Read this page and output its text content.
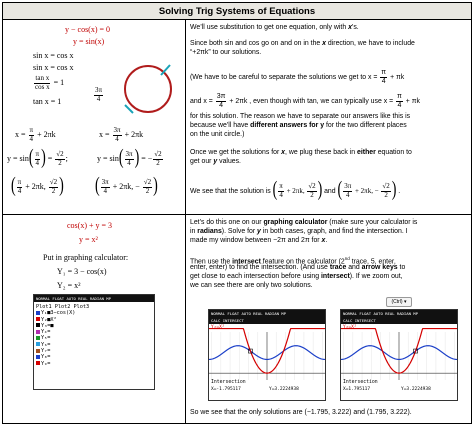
Solving Trig Systems of Equations
y − cos(x) = 0
y = sin(x)
sin x = cos x
sin x = cos x
$\frac{\text{tan x}}{\text{cos x}} = 1$
tan x = 1	$\frac{3\pi}{4}$
$x = \frac{\pi}{4} + 2\pi k$	$x = \frac{3\pi}{4} + 2\pi k$
$y = \sin( \frac{\pi}{4}$ ) = $\frac{√2}{2}$ ;	$y = \sin( \frac{3\pi}{4}$ ) = − $\frac{√2}{2}$
( $\frac{\pi}{4} + 2\pi k$, $\frac{√2}{2}$ ) ( $\frac{3\pi}{4} + 2\pi k$, − $\frac{√2}{2}$ )
We’ll use substitution to get one equation, only with x’s.
Since both sin and cos go on and on in the x direction, we have to include
“+2πk” to our solutions.
(We have to be careful to separate the solutions we get to $x = \frac{\pi}{4} + \pi k$
and $x = \frac{3\pi}{4} + 2\pi k$ , even though with tan, we can typically use $x = \frac{\pi}{4} + \pi k$
for this solution. The reason we have to separate our answers like this is
because we’ll have different answers for y for the two different places
on the unit circle.)
Once we get the solutions for x, we plug these back in either equation to
get our y values.
We see that the solution is ( $\frac{\pi}{4} + 2\pi k$, $\frac{√2}{2}$ ) and ( $\frac{3\pi}{4} + 2\pi k$, − $\frac{√2}{2}$ ) .
cos(x) + y = 3
y = x²
Put in graphing calculator:
Y₁ = 3 − cos(x)
Y₂ = x²
NORMAL FLOAT AUTO REAL RADIAN MP
Plot1 Plot2 Plot3
Y₁■3−cos(X)
Y₂■X²
Y₃=■
Y₄=
Y₅=
Y₆=
Y₇=
Y₈=
Y₉=
Let’s do this one on our graphing calculator (make sure your calculator is
in radians). Solve for y in both cases, graph, and find the intersection. I
made my window between −2π and 2π for x.
Then use the intersect feature on the calculator (2nd trace, 5, enter,
enter, enter) to find the intersection. (And use trace and arrow keys to
get close to each intersection before using intersect). If we zoom out,
we can see there are only two solutions.
(Ctrl) ▾
NORMAL FLOAT AUTO REAL RADIAN MP
CALC INTERSECT
Y₂=X²
Intersection
X=-1.795117	Y=3.2224938
NORMAL FLOAT AUTO REAL RADIAN MP
CALC INTERSECT
Y₂=X²
Intersection
X=1.795117	Y=3.2224938
So we see that the only solutions are (−1.795, 3.222) and (1.795, 3.222).
